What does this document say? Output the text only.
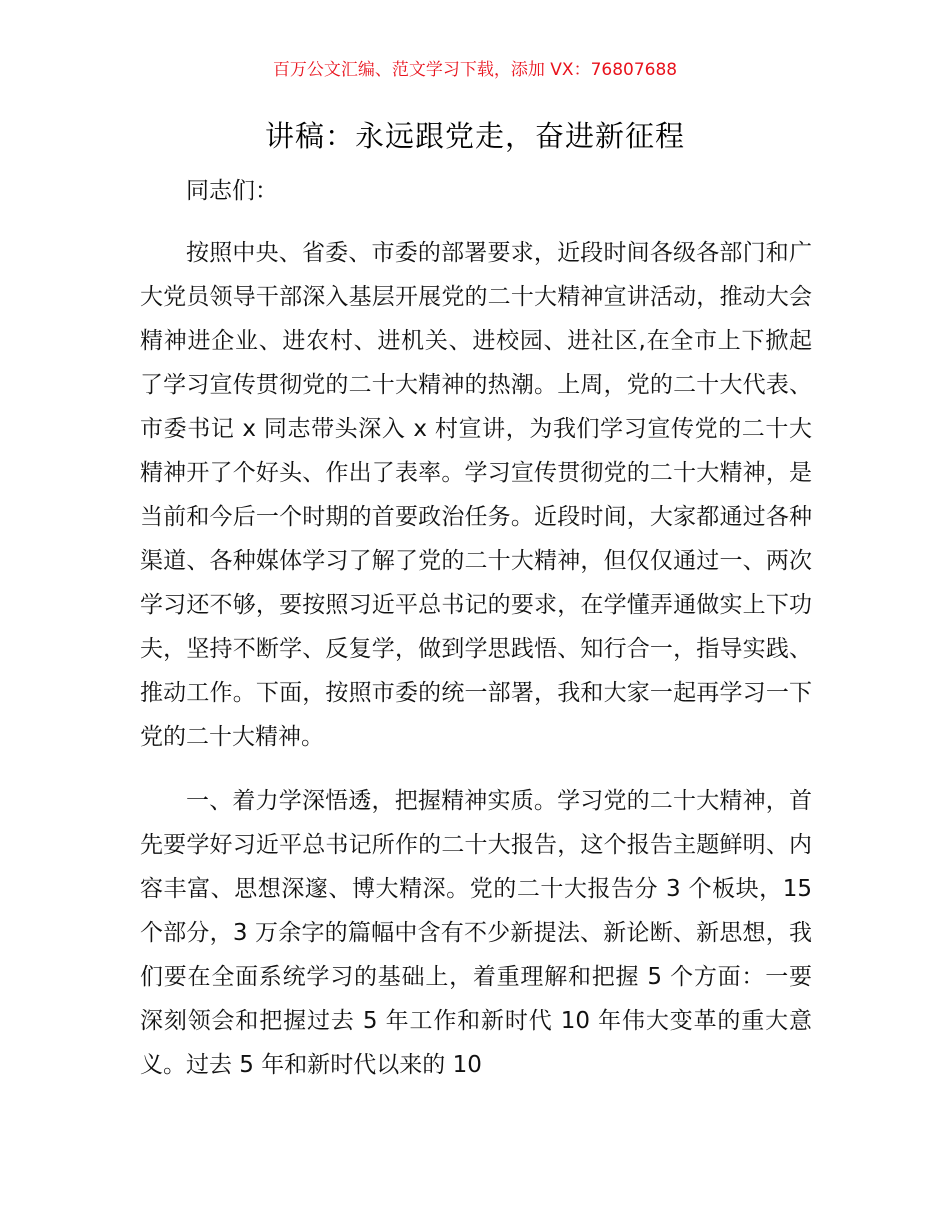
百万公文汇编、范文学习下载，添加 VX：76807688
讲稿：永远跟党走，奋进新征程

同志们：

按照中央、省委、市委的部署要求，近段时间各级各部门和广大党员领导干部深入基层开展党的二十大精神宣讲活动，推动大会精神进企业、进农村、进机关、进校园、进社区,在全市上下掀起了学习宣传贯彻党的二十大精神的热潮。上周，党的二十大代表、市委书记 x 同志带头深入 x 村宣讲，为我们学习宣传党的二十大精神开了个好头、作出了表率。学习宣传贯彻党的二十大精神，是当前和今后一个时期的首要政治任务。近段时间，大家都通过各种渠道、各种媒体学习了解了党的二十大精神，但仅仅通过一、两次学习还不够，要按照习近平总书记的要求，在学懂弄通做实上下功夫，坚持不断学、反复学，做到学思践悟、知行合一，指导实践、推动工作。下面，按照市委的统一部署，我和大家一起再学习一下党的二十大精神。

一、着力学深悟透，把握精神实质。学习党的二十大精神，首先要学好习近平总书记所作的二十大报告，这个报告主题鲜明、内容丰富、思想深邃、博大精深。党的二十大报告分 3 个板块，15 个部分，3 万余字的篇幅中含有不少新提法、新论断、新思想，我们要在全面系统学习的基础上，着重理解和把握 5 个方面：一要深刻领会和把握过去 5 年工作和新时代 10 年伟大变革的重大意义。过去 5 年和新时代以来的 10
